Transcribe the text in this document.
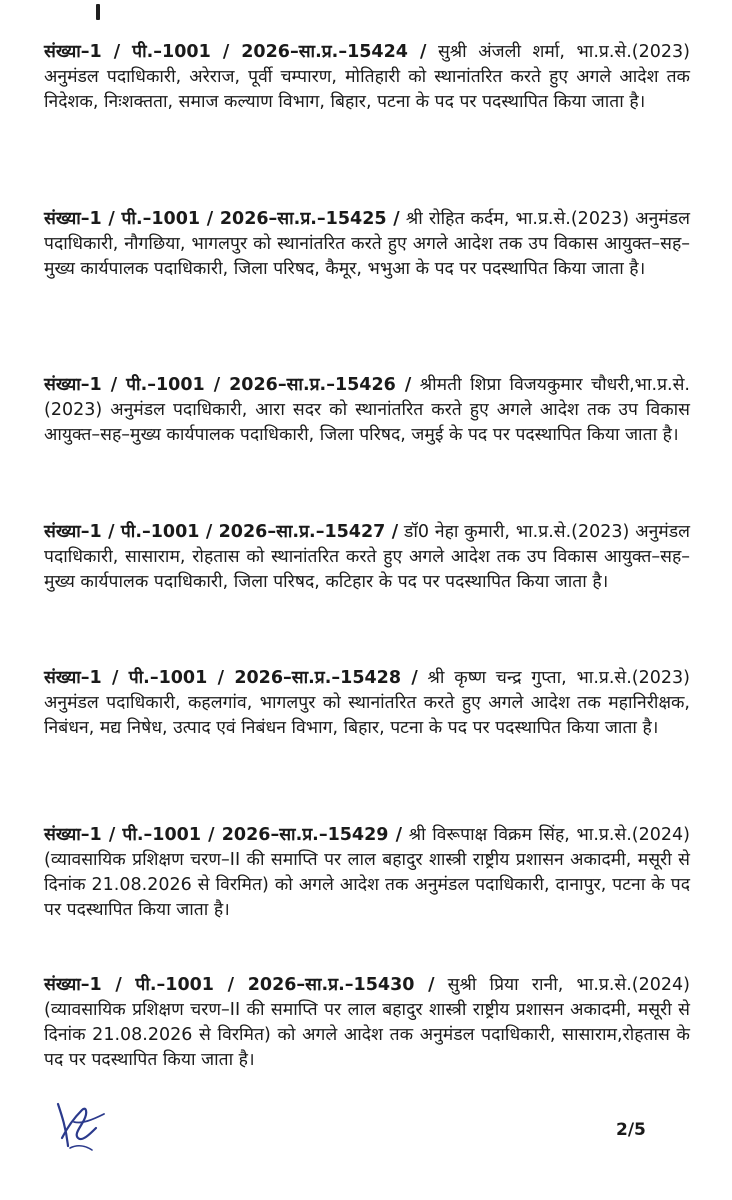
संख्या–1 / पी.–1001 / 2026–सा.प्र.–15424 / सुश्री अंजली शर्मा, भा.प्र.से.(2023) अनुमंडल पदाधिकारी, अरेराज, पूर्वी चम्पारण, मोतिहारी को स्थानांतरित करते हुए अगले आदेश तक निदेशक, निःशक्तता, समाज कल्याण विभाग, बिहार, पटना के पद पर पदस्थापित किया जाता है।

संख्या–1 / पी.–1001 / 2026–सा.प्र.–15425 / श्री रोहित कर्दम, भा.प्र.से.(2023) अनुमंडल पदाधिकारी, नौगछिया, भागलपुर को स्थानांतरित करते हुए अगले आदेश तक उप विकास आयुक्त–सह–मुख्य कार्यपालक पदाधिकारी, जिला परिषद, कैमूर, भभुआ के पद पर पदस्थापित किया जाता है।

संख्या–1 / पी.–1001 / 2026–सा.प्र.–15426 / श्रीमती शिप्रा विजयकुमार चौधरी,भा.प्र.से. (2023) अनुमंडल पदाधिकारी, आरा सदर को स्थानांतरित करते हुए अगले आदेश तक उप विकास आयुक्त–सह–मुख्य कार्यपालक पदाधिकारी, जिला परिषद, जमुई के पद पर पदस्थापित किया जाता है।

संख्या–1 / पी.–1001 / 2026–सा.प्र.–15427 / डॉ0 नेहा कुमारी, भा.प्र.से.(2023) अनुमंडल पदाधिकारी, सासाराम, रोहतास को स्थानांतरित करते हुए अगले आदेश तक उप विकास आयुक्त–सह–मुख्य कार्यपालक पदाधिकारी, जिला परिषद, कटिहार के पद पर पदस्थापित किया जाता है।

संख्या–1 / पी.–1001 / 2026–सा.प्र.–15428 / श्री कृष्ण चन्द्र गुप्ता, भा.प्र.से.(2023) अनुमंडल पदाधिकारी, कहलगांव, भागलपुर को स्थानांतरित करते हुए अगले आदेश तक महानिरीक्षक, निबंधन, मद्य निषेध, उत्पाद एवं निबंधन विभाग, बिहार, पटना के पद पर पदस्थापित किया जाता है।

संख्या–1 / पी.–1001 / 2026–सा.प्र.–15429 / श्री विरूपाक्ष विक्रम सिंह, भा.प्र.से.(2024) (व्यावसायिक प्रशिक्षण चरण–II की समाप्ति पर लाल बहादुर शास्त्री राष्ट्रीय प्रशासन अकादमी, मसूरी से दिनांक 21.08.2026 से विरमित) को अगले आदेश तक अनुमंडल पदाधिकारी, दानापुर, पटना के पद पर पदस्थापित किया जाता है।

संख्या–1 / पी.–1001 / 2026–सा.प्र.–15430 / सुश्री प्रिया रानी, भा.प्र.से.(2024) (व्यावसायिक प्रशिक्षण चरण–II की समाप्ति पर लाल बहादुर शास्त्री राष्ट्रीय प्रशासन अकादमी, मसूरी से दिनांक 21.08.2026 से विरमित) को अगले आदेश तक अनुमंडल पदाधिकारी, सासाराम,रोहतास के पद पर पदस्थापित किया जाता है।

2/5
